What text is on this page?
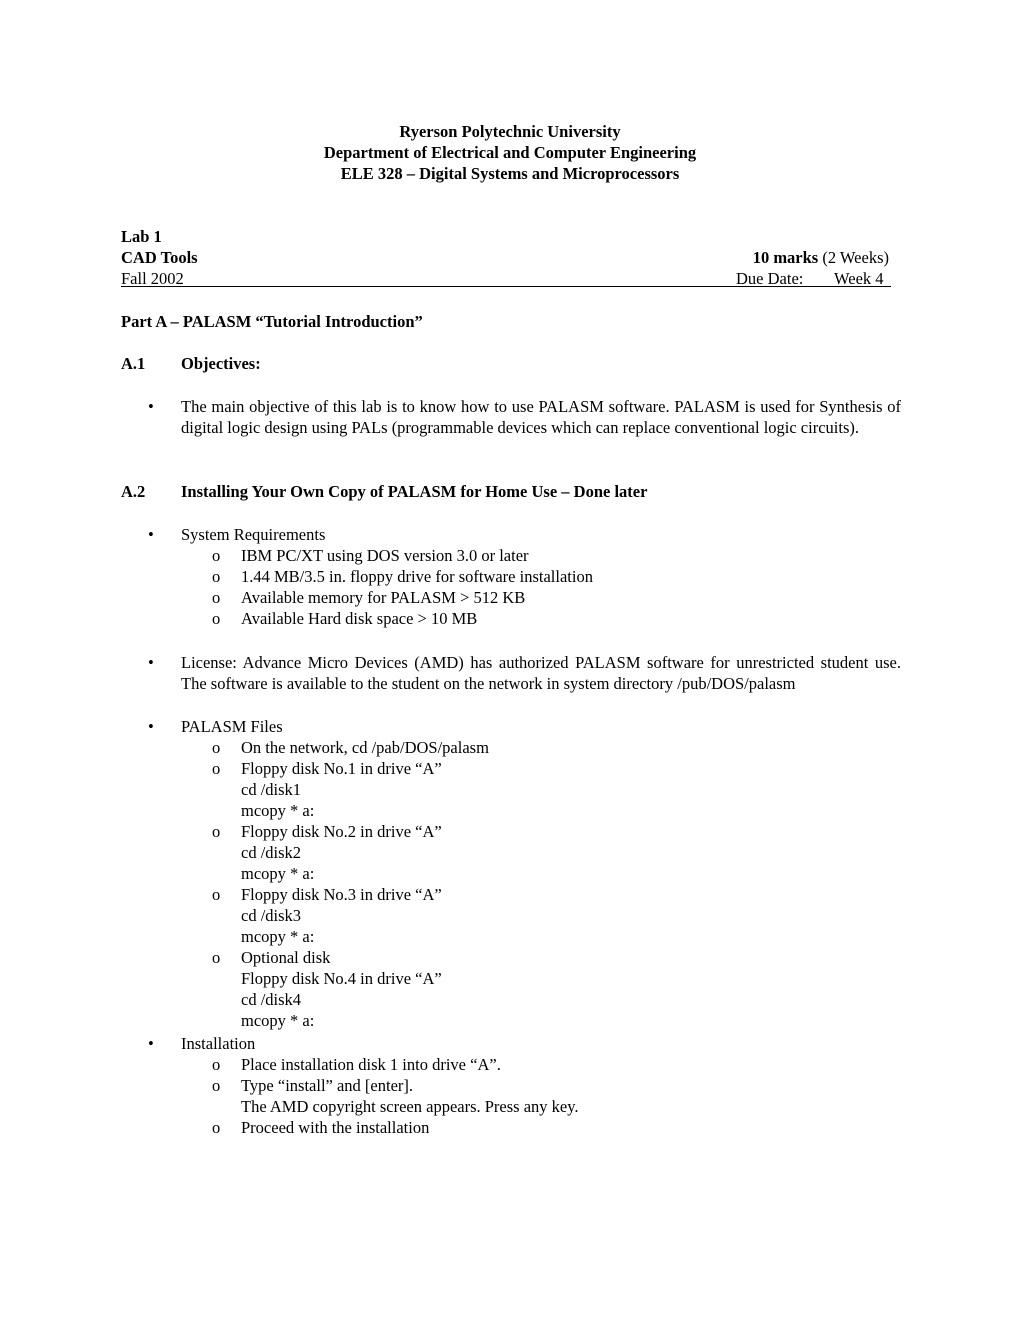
Ryerson Polytechnic University
Department of Electrical and Computer Engineering
ELE 328 – Digital Systems and Microprocessors
Lab 1
CAD Tools	10 marks (2 Weeks)
Fall 2002	Due Date: Week 4
Part A – PALASM “Tutorial Introduction”
A.1 Objectives:
• The main objective of this lab is to know how to use PALASM software. PALASM is used for Synthesis of digital logic design using PALs (programmable devices which can replace conventional logic circuits).
A.2 Installing Your Own Copy of PALASM for Home Use – Done later
• System Requirements
o IBM PC/XT using DOS version 3.0 or later
o 1.44 MB/3.5 in. floppy drive for software installation
o Available memory for PALASM > 512 KB
o Available Hard disk space > 10 MB
• License: Advance Micro Devices (AMD) has authorized PALASM software for unrestricted student use. The software is available to the student on the network in system directory /pub/DOS/palasm
• PALASM Files
o On the network, cd /pab/DOS/palasm
o Floppy disk No.1 in drive “A”
cd /disk1
mcopy * a:
o Floppy disk No.2 in drive “A”
cd /disk2
mcopy * a:
o Floppy disk No.3 in drive “A”
cd /disk3
mcopy * a:
o Optional disk
Floppy disk No.4 in drive “A”
cd /disk4
mcopy * a:
• Installation
o Place installation disk 1 into drive “A”.
o Type “install” and [enter].
The AMD copyright screen appears. Press any key.
o Proceed with the installation
